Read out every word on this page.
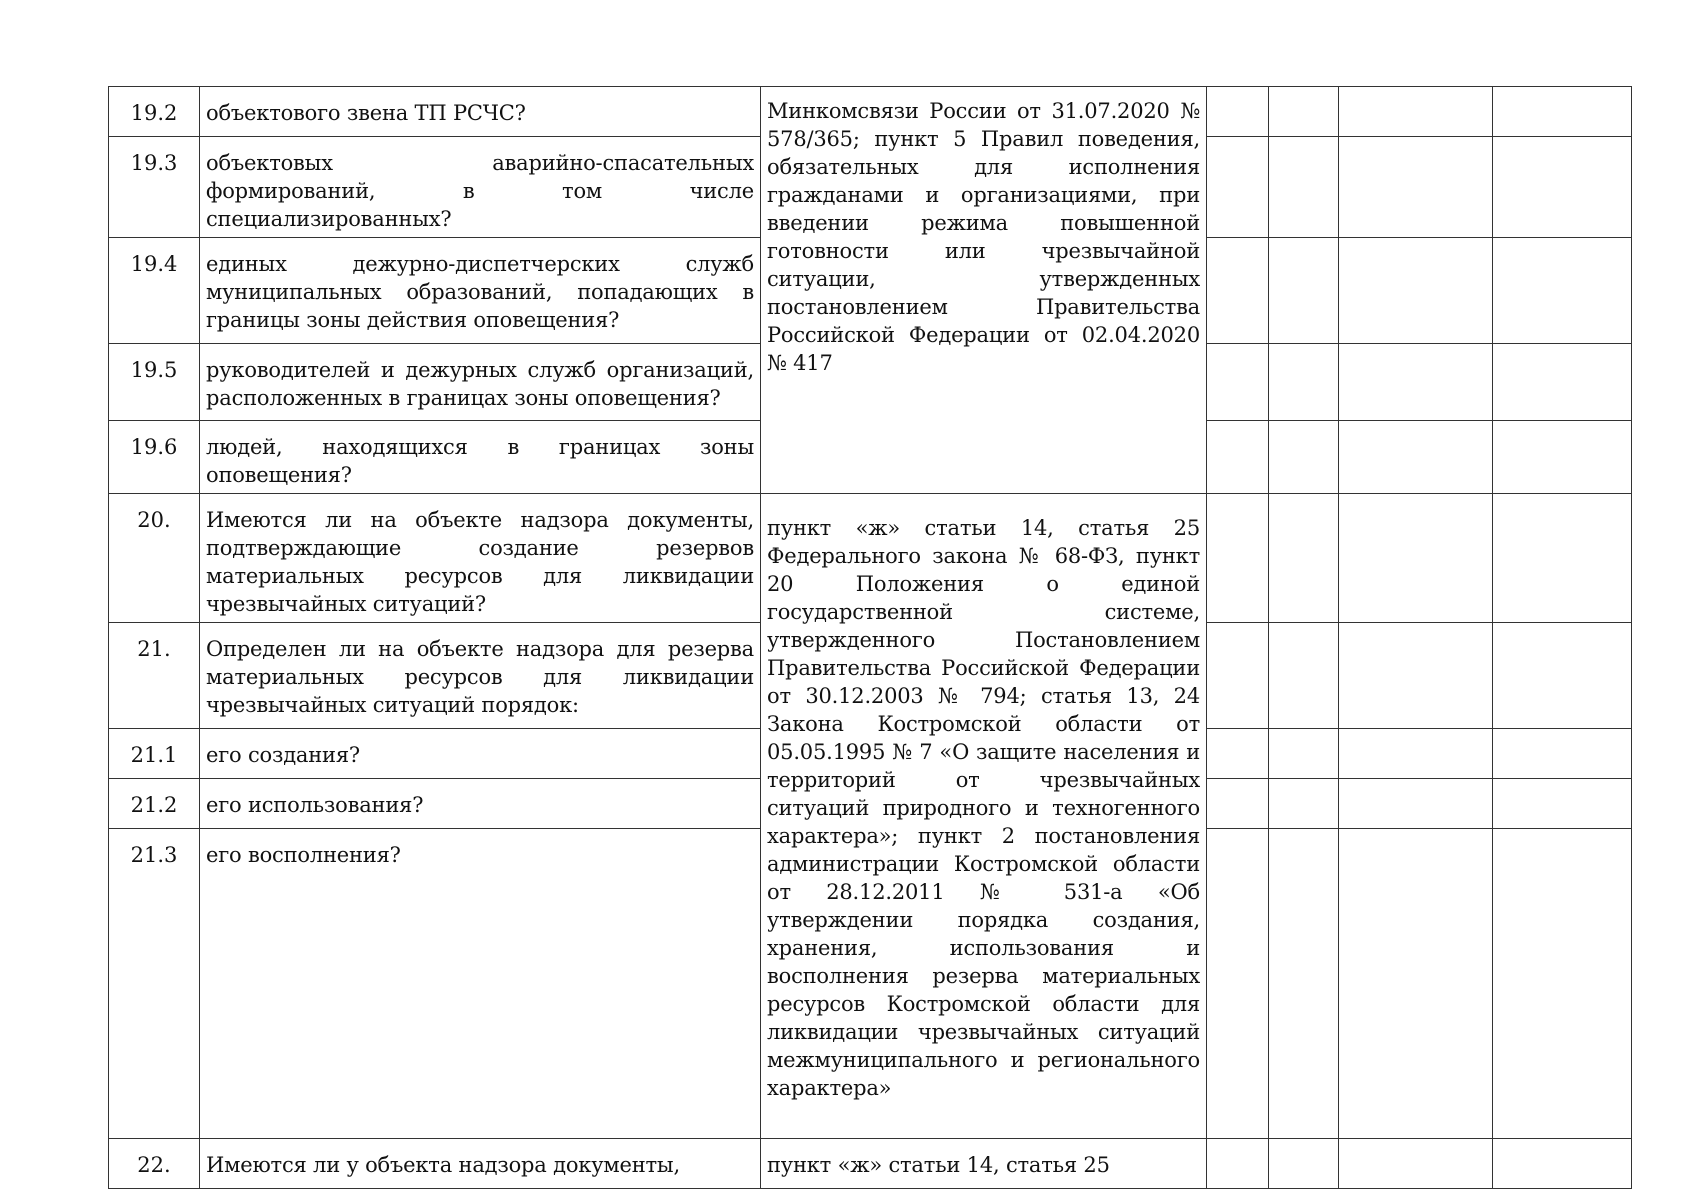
19.2	объектового звена ТП РСЧС?	Минкомсвязи России от 31.07.2020 № 578/365; пункт 5 Правил поведения, обязательных для исполнения гражданами и организациями, при введении режима повышенной готовности или чрезвычайной ситуации, утвержденных постановлением Правительства Российской Федерации от 02.04.2020 № 417				
19.3	объектовых аварийно-спасательных формирований, в том числе специализированных?					
19.4	единых дежурно-диспетчерских служб муниципальных образований, попадающих в границы зоны действия оповещения?					
19.5	руководителей и дежурных служб организаций, расположенных в границах зоны оповещения?					
19.6	людей, находящихся в границах зоны оповещения?					
20.	Имеются ли на объекте надзора документы, подтверждающие создание резервов материальных ресурсов для ликвидации чрезвычайных ситуаций?	пункт «ж» статьи 14, статья 25 Федерального закона № 68-ФЗ, пункт 20 Положения о единой государственной системе, утвержденного Постановлением Правительства Российской Федерации от 30.12.2003 № 794; статья 13, 24 Закона Костромской области от 05.05.1995 № 7 «О защите населения и территорий от чрезвычайных ситуаций природного и техногенного характера»; пункт 2 постановления администрации Костромской области от 28.12.2011 № 531-а «Об утверждении порядка создания, хранения, использования и восполнения резерва материальных ресурсов Костромской области для ликвидации чрезвычайных ситуаций межмуниципального и регионального характера»				
21.	Определен ли на объекте надзора для резерва материальных ресурсов для ликвидации чрезвычайных ситуаций порядок:					
21.1	его создания?					
21.2	его использования?					
21.3	его восполнения?					
22.	Имеются ли у объекта надзора документы,	пункт «ж» статьи 14, статья 25				
